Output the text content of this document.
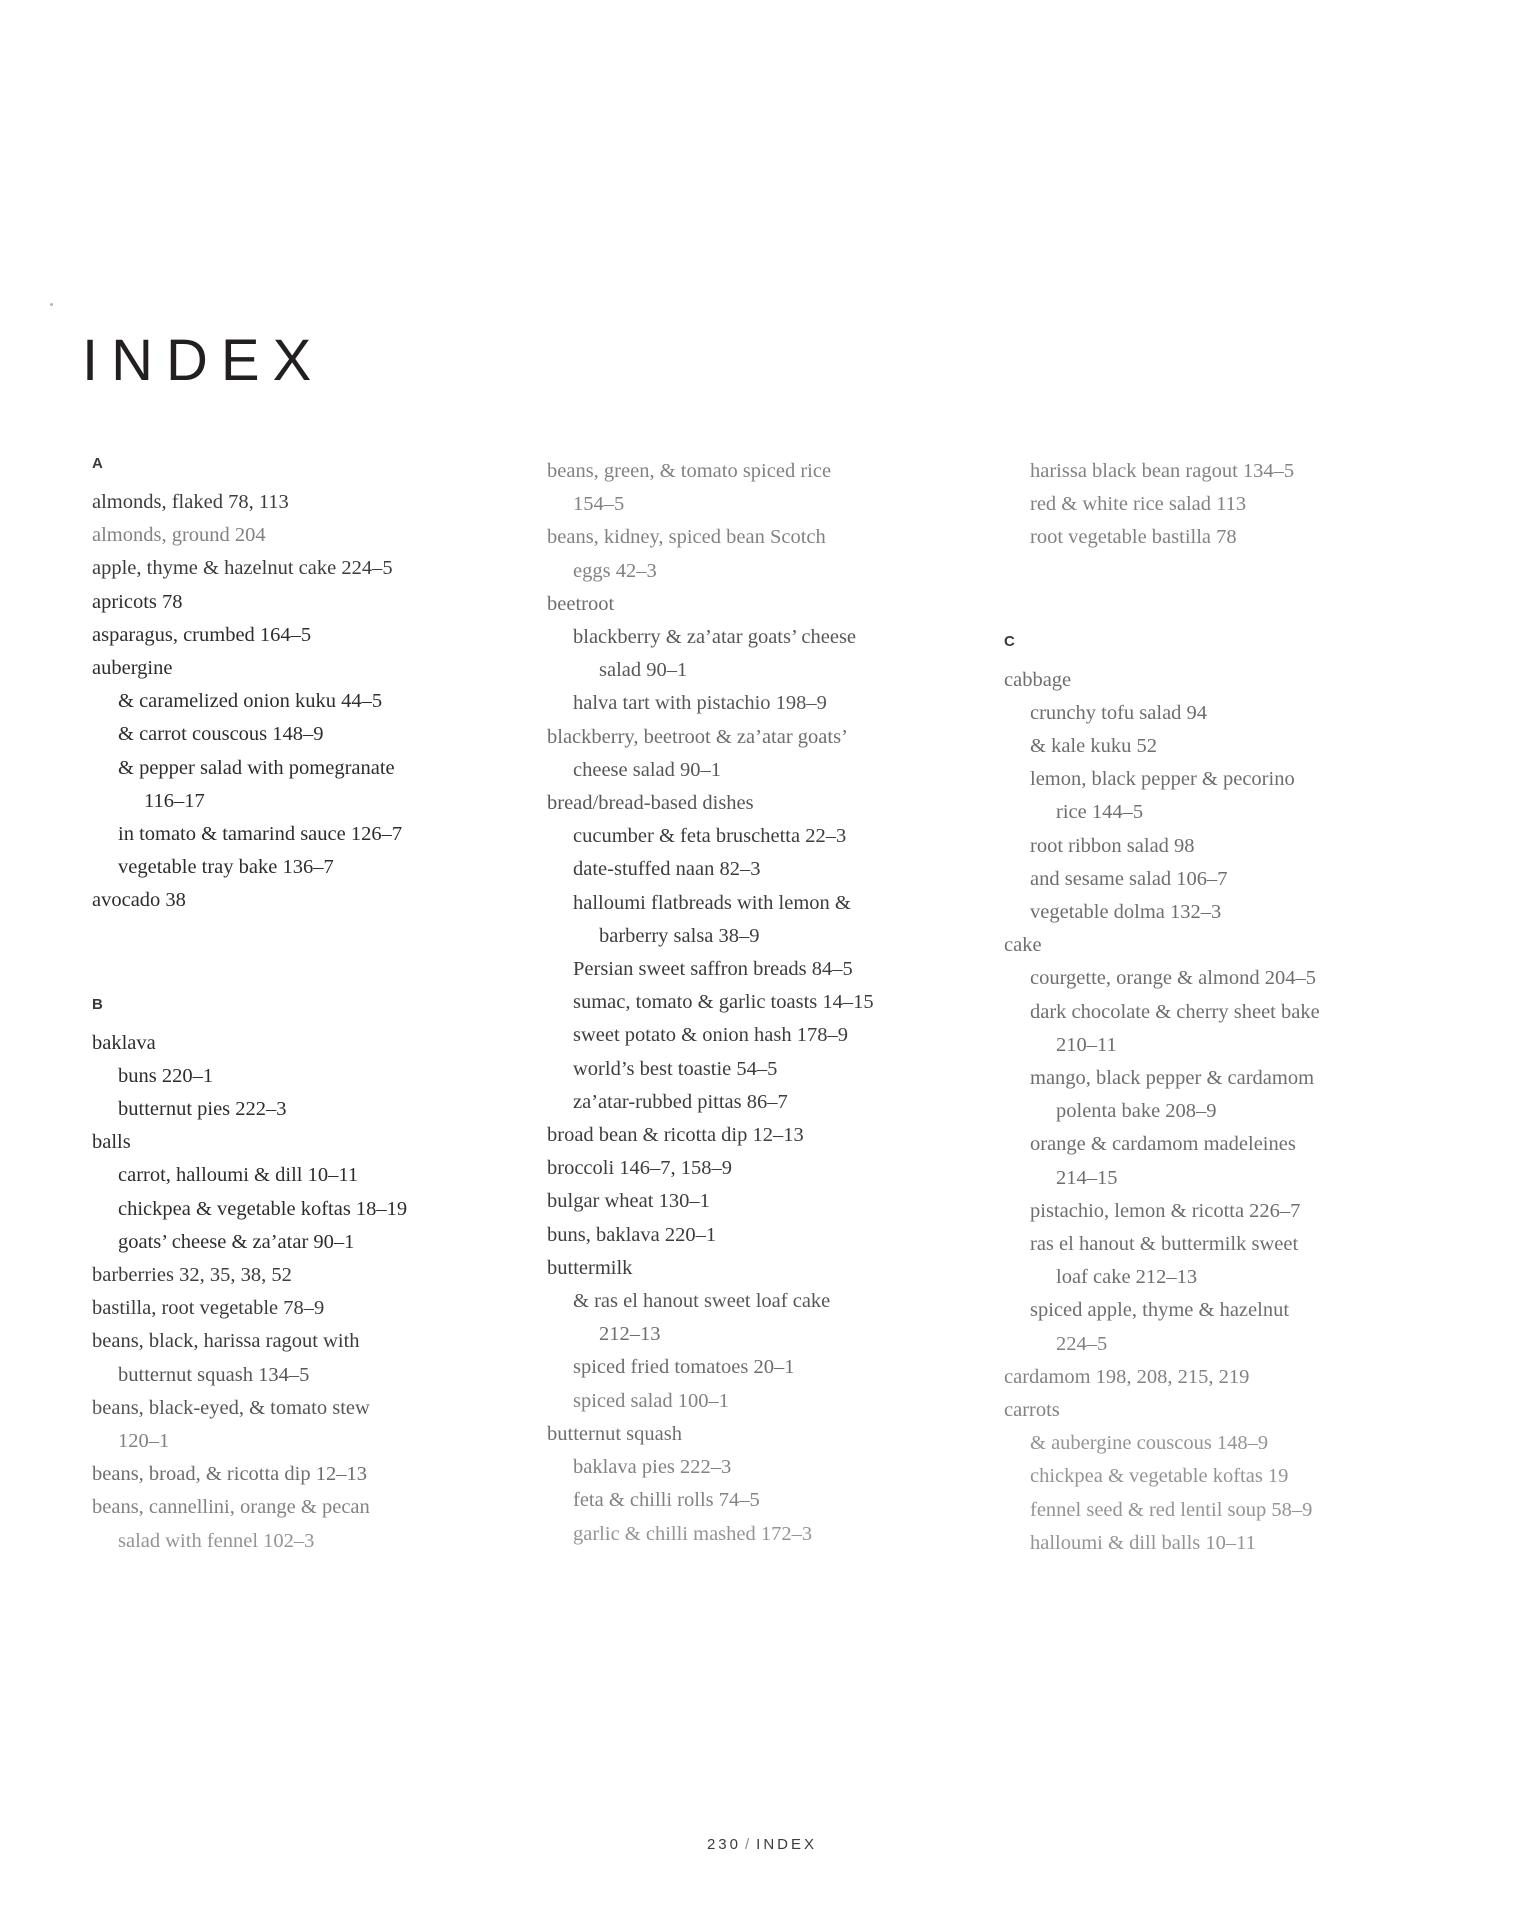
INDEX
A
almonds, flaked 78, 113
almonds, ground 204
apple, thyme & hazelnut cake 224–5
apricots 78
asparagus, crumbed 164–5
aubergine
& caramelized onion kuku 44–5
& carrot couscous 148–9
& pepper salad with pomegranate
116–17
in tomato & tamarind sauce 126–7
vegetable tray bake 136–7
avocado 38
B
baklava
buns 220–1
butternut pies 222–3
balls
carrot, halloumi & dill 10–11
chickpea & vegetable koftas 18–19
goats’ cheese & za’atar 90–1
barberries 32, 35, 38, 52
bastilla, root vegetable 78–9
beans, black, harissa ragout with
butternut squash 134–5
beans, black-eyed, & tomato stew
120–1
beans, broad, & ricotta dip 12–13
beans, cannellini, orange & pecan
salad with fennel 102–3
beans, green, & tomato spiced rice
154–5
beans, kidney, spiced bean Scotch
eggs 42–3
beetroot
blackberry & za’atar goats’ cheese
salad 90–1
halva tart with pistachio 198–9
blackberry, beetroot & za’atar goats’
cheese salad 90–1
bread/bread-based dishes
cucumber & feta bruschetta 22–3
date-stuffed naan 82–3
halloumi flatbreads with lemon &
barberry salsa 38–9
Persian sweet saffron breads 84–5
sumac, tomato & garlic toasts 14–15
sweet potato & onion hash 178–9
world’s best toastie 54–5
za’atar-rubbed pittas 86–7
broad bean & ricotta dip 12–13
broccoli 146–7, 158–9
bulgar wheat 130–1
buns, baklava 220–1
buttermilk
& ras el hanout sweet loaf cake
212–13
spiced fried tomatoes 20–1
spiced salad 100–1
butternut squash
baklava pies 222–3
feta & chilli rolls 74–5
garlic & chilli mashed 172–3
harissa black bean ragout 134–5
red & white rice salad 113
root vegetable bastilla 78
C
cabbage
crunchy tofu salad 94
& kale kuku 52
lemon, black pepper & pecorino
rice 144–5
root ribbon salad 98
and sesame salad 106–7
vegetable dolma 132–3
cake
courgette, orange & almond 204–5
dark chocolate & cherry sheet bake
210–11
mango, black pepper & cardamom
polenta bake 208–9
orange & cardamom madeleines
214–15
pistachio, lemon & ricotta 226–7
ras el hanout & buttermilk sweet
loaf cake 212–13
spiced apple, thyme & hazelnut
224–5
cardamom 198, 208, 215, 219
carrots
& aubergine couscous 148–9
chickpea & vegetable koftas 19
fennel seed & red lentil soup 58–9
halloumi & dill balls 10–11
230 / INDEX
